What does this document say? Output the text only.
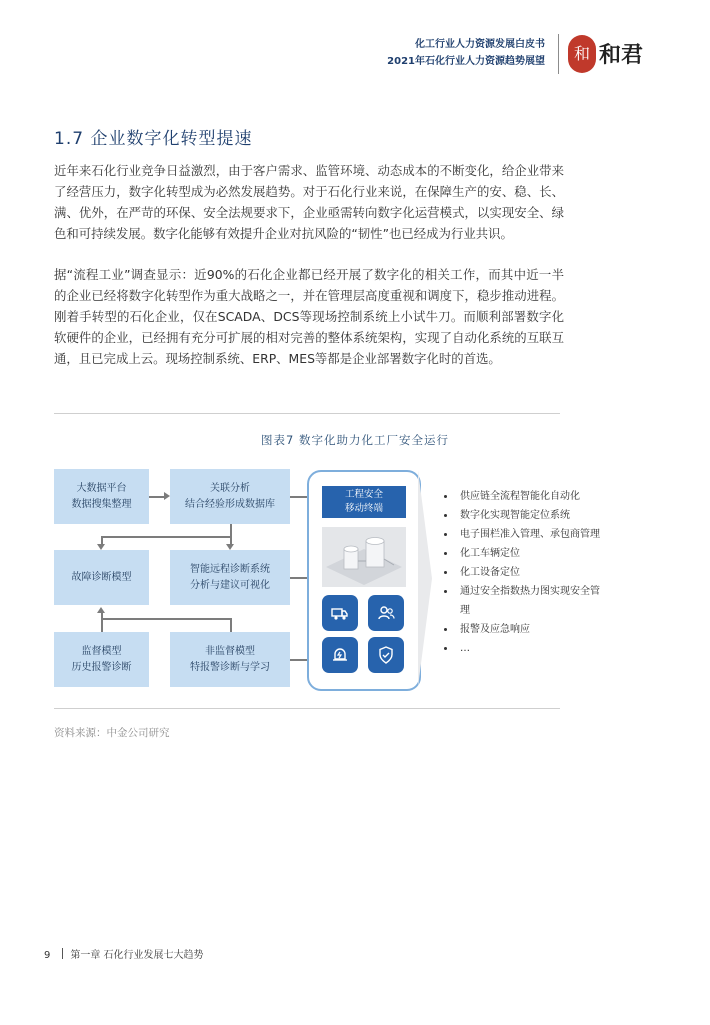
化工行业人力资源发展白皮书
2021年石化行业人力资源趋势展望	和 和君
1.7 企业数字化转型提速

近年来石化行业竞争日益激烈，由于客户需求、监管环境、动态成本的不断变化，给企业带来了经营压力，数字化转型成为必然发展趋势。对于石化行业来说，在保障生产的安、稳、长、满、优外，在严苛的环保、安全法规要求下，企业亟需转向数字化运营模式，以实现安全、绿色和可持续发展。数字化能够有效提升企业对抗风险的“韧性”也已经成为行业共识。

据“流程工业”调查显示：近90%的石化企业都已经开展了数字化的相关工作，而其中近一半的企业已经将数字化转型作为重大战略之一，并在管理层高度重视和调度下，稳步推动进程。刚着手转型的石化企业，仅在SCADA、DCS等现场控制系统上小试牛刀。而顺利部署数字化软硬件的企业，已经拥有充分可扩展的相对完善的整体系统架构，实现了自动化系统的互联互通，且已完成上云。现场控制系统、ERP、MES等都是企业部署数字化时的首选。

图表7 数字化助力化工厂安全运行
大数据平台
数据搜集整理
关联分析
结合经验形成数据库
故障诊断模型
智能远程诊断系统
分析与建议可视化
监督模型
历史报警诊断
非监督模型
特报警诊断与学习
工程安全
移动终端
供应链全流程智能化自动化
数字化实现智能定位系统
电子围栏准入管理、承包商管理
化工车辆定位
化工设备定位
通过安全指数热力图实现安全管理
报警及应急响应
…
资料来源：中金公司研究
9 第一章 石化行业发展七大趋势
